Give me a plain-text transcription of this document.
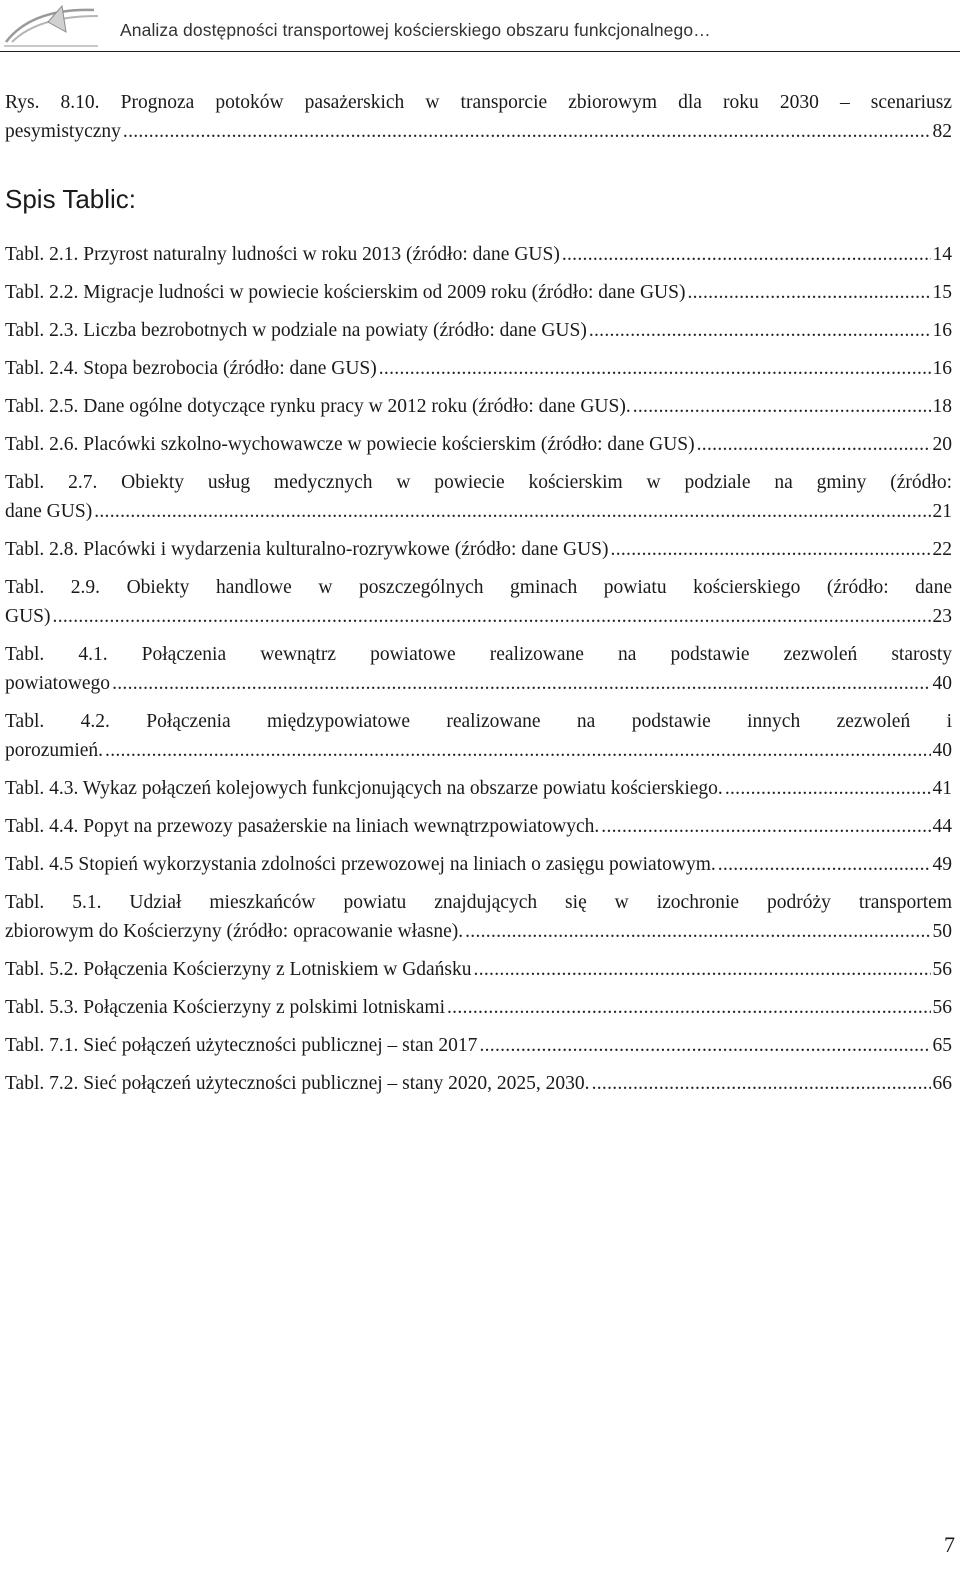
Analiza dostępności transportowej kościerskiego obszaru funkcjonalnego…
Rys. 8.10. Prognoza potoków pasażerskich w transporcie zbiorowym dla roku 2030 – scenariusz
pesymistyczny .....	82
Spis Tablic:
Tabl. 2.1. Przyrost naturalny ludności w roku 2013 (źródło: dane GUS) .....	14
Tabl. 2.2. Migracje ludności w powiecie kościerskim od 2009 roku (źródło: dane GUS) .....	15
Tabl. 2.3. Liczba bezrobotnych w podziale na powiaty (źródło: dane GUS) .....	16
Tabl. 2.4. Stopa bezrobocia (źródło: dane GUS) .....	16
Tabl. 2.5. Dane ogólne dotyczące rynku pracy w 2012 roku (źródło: dane GUS). .....	18
Tabl. 2.6. Placówki szkolno-wychowawcze w powiecie kościerskim (źródło: dane GUS) .....	20
Tabl. 2.7. Obiekty usług medycznych w powiecie kościerskim w podziale na gminy (źródło:
dane GUS) .....	21
Tabl. 2.8. Placówki i wydarzenia kulturalno-rozrywkowe (źródło: dane GUS) .....	22
Tabl. 2.9. Obiekty handlowe w poszczególnych gminach powiatu kościerskiego (źródło: dane
GUS) .....	23
Tabl. 4.1. Połączenia wewnątrz powiatowe realizowane na podstawie zezwoleń starosty
powiatowego .....	40
Tabl. 4.2. Połączenia międzypowiatowe realizowane na podstawie innych zezwoleń i
porozumień. .....	40
Tabl. 4.3. Wykaz połączeń kolejowych funkcjonujących na obszarze powiatu kościerskiego. .....	41
Tabl. 4.4. Popyt na przewozy pasażerskie na liniach wewnątrzpowiatowych. .....	44
Tabl. 4.5 Stopień wykorzystania zdolności przewozowej na liniach o zasięgu powiatowym. .....	49
Tabl. 5.1. Udział mieszkańców powiatu znajdujących się w izochronie podróży transportem
zbiorowym do Kościerzyny (źródło: opracowanie własne). .....	50
Tabl. 5.2. Połączenia Kościerzyny z Lotniskiem w Gdańsku .....	56
Tabl. 5.3. Połączenia Kościerzyny z polskimi lotniskami .....	56
Tabl. 7.1. Sieć połączeń użyteczności publicznej – stan 2017 .....	65
Tabl. 7.2. Sieć połączeń użyteczności publicznej – stany 2020, 2025, 2030. .....	66
7
